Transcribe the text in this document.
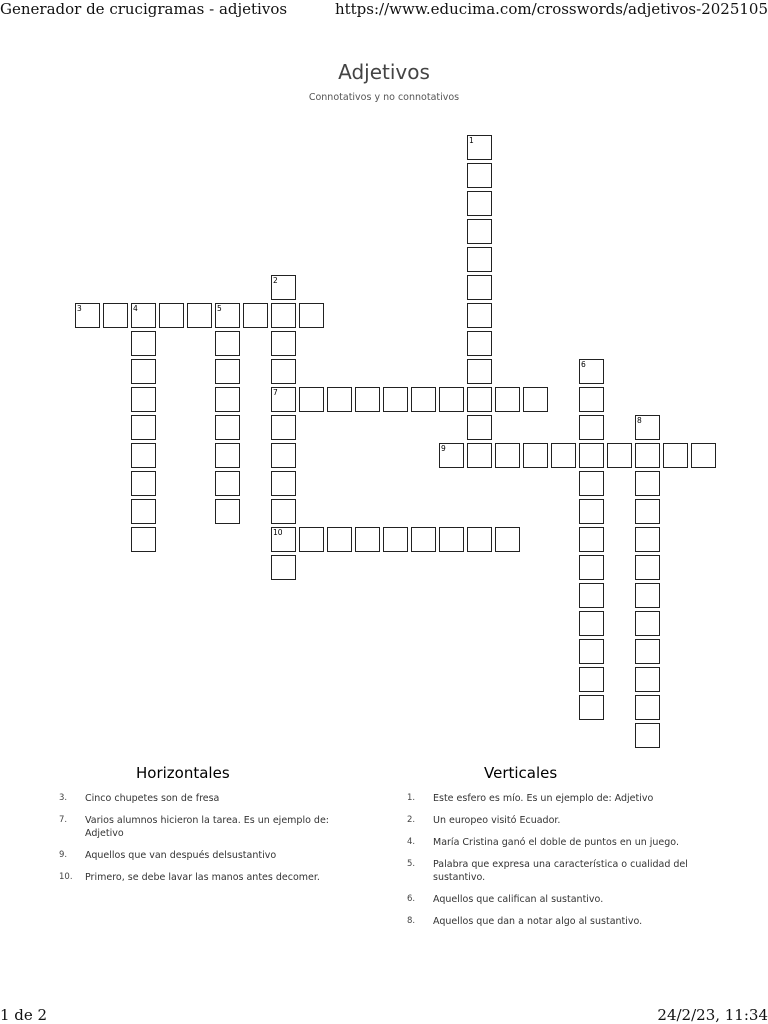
Generador de crucigramas - adjetivos	https://www.educima.com/crosswords/adjetivos-2025105
Adjetivos
Connotativos y no connotativos
1
2
7
10
3	4	5
6
8
9
Horizontales	Verticales
3. Cinco chupetes son de fresa
7. Varios alumnos hicieron la tarea. Es un ejemplo de: Adjetivo
9. Aquellos que van después delsustantivo
10. Primero, se debe lavar las manos antes decomer.
1. Este esfero es mío. Es un ejemplo de: Adjetivo
2. Un europeo visitó Ecuador.
4. María Cristina ganó el doble de puntos en un juego.
5. Palabra que expresa una característica o cualidad del sustantivo.
6. Aquellos que califican al sustantivo.
8. Aquellos que dan a notar algo al sustantivo.
1 de 2	24/2/23, 11:34
